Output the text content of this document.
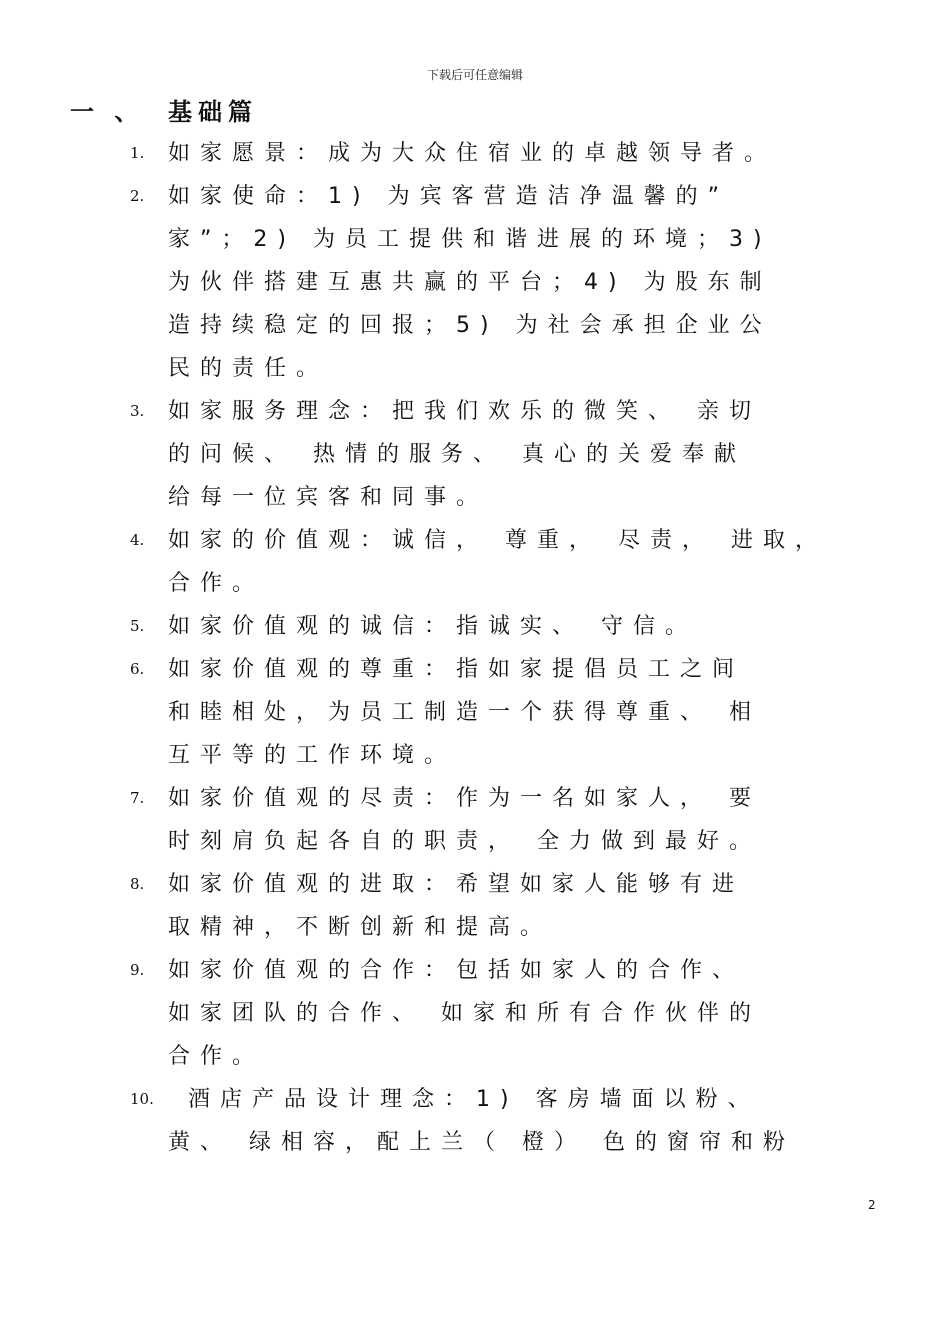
下载后可任意编辑
一 、 基础篇
1. 如家愿景：成为大众住宿业的卓越领导者。
2. 如家使命：1) 为宾客营造洁净温馨的”
家”；2) 为员工提供和谐进展的环境；3)
为伙伴搭建互惠共赢的平台；4) 为股东制
造持续稳定的回报；5) 为社会承担企业公
民的责任。
3. 如家服务理念：把我们欢乐的微笑、 亲切
的问候、 热情的服务、 真心的关爱奉献
给每一位宾客和同事。
4. 如家的价值观：诚信， 尊重， 尽责， 进取，
合作。
5. 如家价值观的诚信：指诚实、 守信。
6. 如家价值观的尊重：指如家提倡员工之间
和睦相处，为员工制造一个获得尊重、 相
互平等的工作环境。
7. 如家价值观的尽责：作为一名如家人， 要
时刻肩负起各自的职责， 全力做到最好。
8. 如家价值观的进取：希望如家人能够有进
取精神，不断创新和提高。
9. 如家价值观的合作：包括如家人的合作、
如家团队的合作、 如家和所有合作伙伴的
合作。
10. 酒店产品设计理念：1) 客房墙面以粉、
黄、 绿相容，配上兰（ 橙） 色的窗帘和粉
2
